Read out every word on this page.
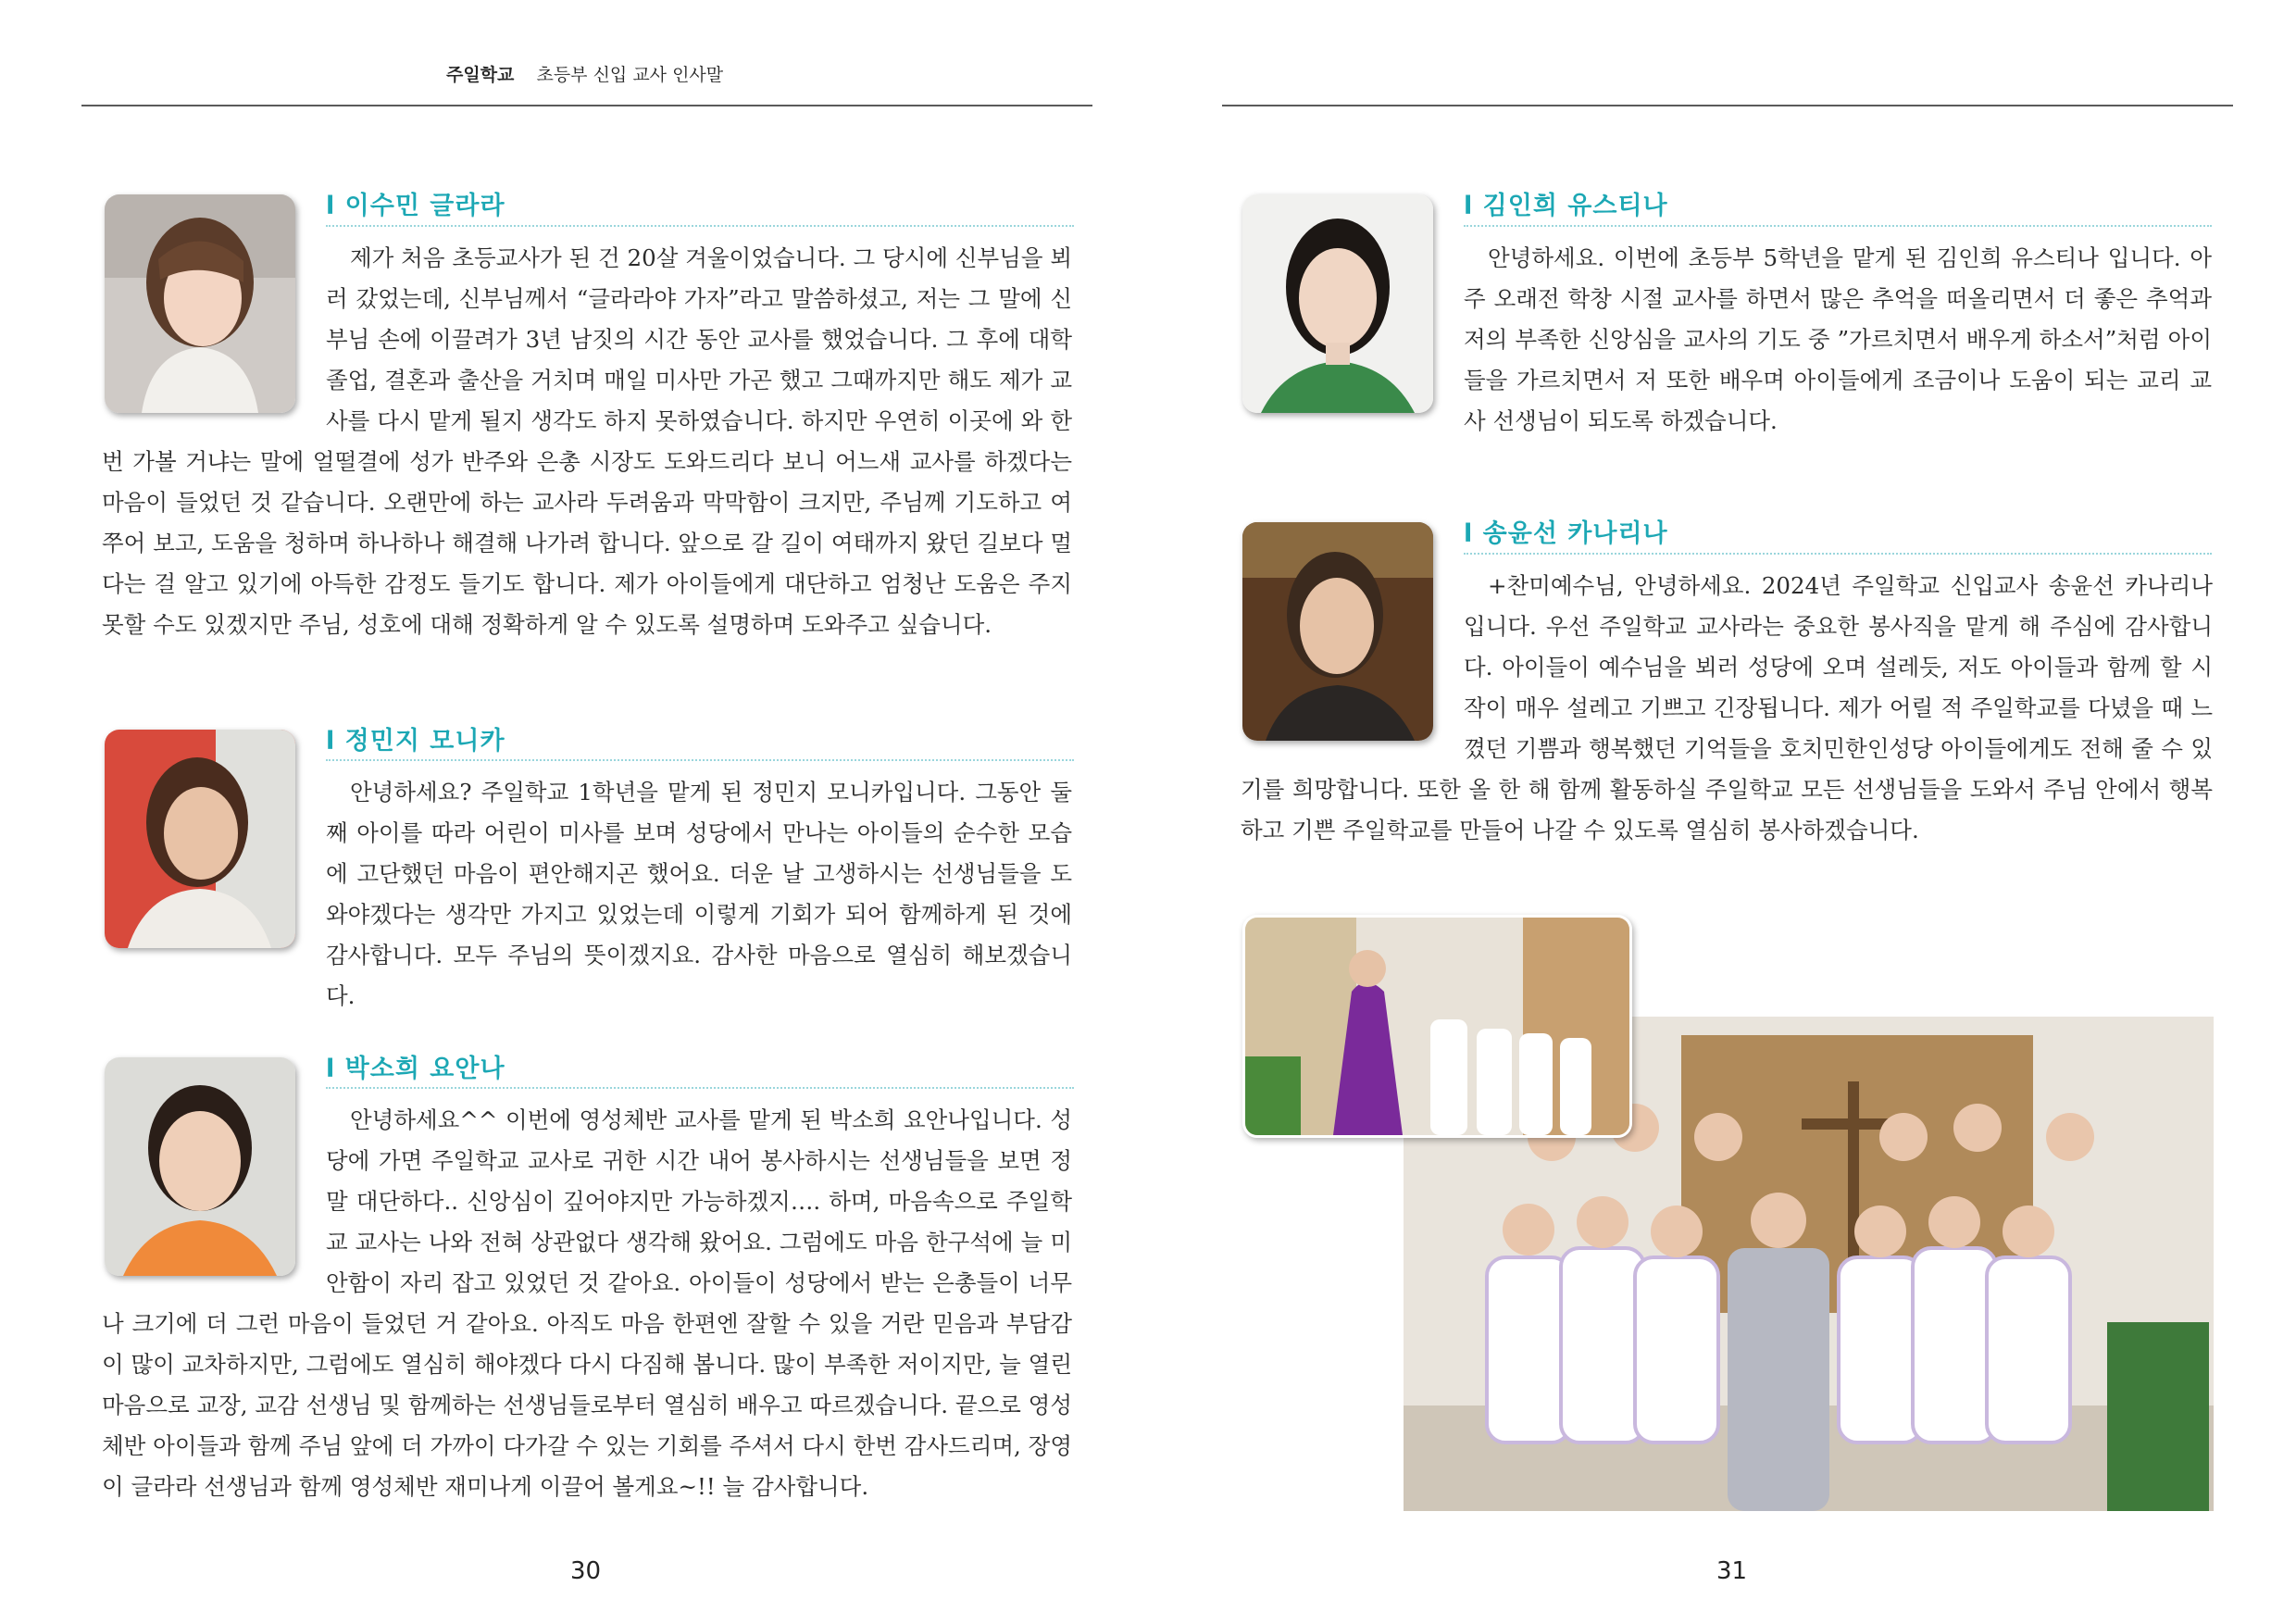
주일학교 초등부 신입 교사 인사말
l 이수민 글라라

제가 처음 초등교사가 된 건 20살 겨울이었습니다. 그 당시에 신부님을 뵈러 갔었는데, 신부님께서 “글라라야 가자”라고 말씀하셨고, 저는 그 말에 신부님 손에 이끌려가 3년 남짓의 시간 동안 교사를 했었습니다. 그 후에 대학 졸업, 결혼과 출산을 거치며 매일 미사만 가곤 했고 그때까지만 해도 제가 교사를 다시 맡게 될지 생각도 하지 못하였습니다. 하지만 우연히 이곳에 와 한 번 가볼 거냐는 말에 얼떨결에 성가 반주와 은총 시장도 도와드리다 보니 어느새 교사를 하겠다는 마음이 들었던 것 같습니다. 오랜만에 하는 교사라 두려움과 막막함이 크지만, 주님께 기도하고 여쭈어 보고, 도움을 청하며 하나하나 해결해 나가려 합니다. 앞으로 갈 길이 여태까지 왔던 길보다 멀다는 걸 알고 있기에 아득한 감정도 들기도 합니다. 제가 아이들에게 대단하고 엄청난 도움은 주지 못할 수도 있겠지만 주님, 성호에 대해 정확하게 알 수 있도록 설명하며 도와주고 싶습니다.

l 정민지 모니카

안녕하세요? 주일학교 1학년을 맡게 된 정민지 모니카입니다. 그동안 둘째 아이를 따라 어린이 미사를 보며 성당에서 만나는 아이들의 순수한 모습에 고단했던 마음이 편안해지곤 했어요. 더운 날 고생하시는 선생님들을 도와야겠다는 생각만 가지고 있었는데 이렇게 기회가 되어 함께하게 된 것에 감사합니다. 모두 주님의 뜻이겠지요. 감사한 마음으로 열심히 해보겠습니다.

l 박소희 요안나

안녕하세요^^ 이번에 영성체반 교사를 맡게 된 박소희 요안나입니다. 성당에 가면 주일학교 교사로 귀한 시간 내어 봉사하시는 선생님들을 보면 정말 대단하다.. 신앙심이 깊어야지만 가능하겠지…. 하며, 마음속으로 주일학교 교사는 나와 전혀 상관없다 생각해 왔어요. 그럼에도 마음 한구석에 늘 미안함이 자리 잡고 있었던 것 같아요. 아이들이 성당에서 받는 은총들이 너무나 크기에 더 그런 마음이 들었던 거 같아요. 아직도 마음 한편엔 잘할 수 있을 거란 믿음과 부담감이 많이 교차하지만, 그럼에도 열심히 해야겠다 다시 다짐해 봅니다. 많이 부족한 저이지만, 늘 열린 마음으로 교장, 교감 선생님 및 함께하는 선생님들로부터 열심히 배우고 따르겠습니다. 끝으로 영성체반 아이들과 함께 주님 앞에 더 가까이 다가갈 수 있는 기회를 주셔서 다시 한번 감사드리며, 장영이 글라라 선생님과 함께 영성체반 재미나게 이끌어 볼게요~!! 늘 감사합니다.

30
l 김인희 유스티나

안녕하세요. 이번에 초등부 5학년을 맡게 된 김인희 유스티나 입니다. 아주 오래전 학창 시절 교사를 하면서 많은 추억을 떠올리면서 더 좋은 추억과 저의 부족한 신앙심을 교사의 기도 중 ”가르치면서 배우게 하소서”처럼 아이들을 가르치면서 저 또한 배우며 아이들에게 조금이나 도움이 되는 교리 교사 선생님이 되도록 하겠습니다.

l 송윤선 카나리나

+찬미예수님, 안녕하세요. 2024년 주일학교 신입교사 송윤선 카나리나입니다. 우선 주일학교 교사라는 중요한 봉사직을 맡게 해 주심에 감사합니다. 아이들이 예수님을 뵈러 성당에 오며 설레듯, 저도 아이들과 함께 할 시작이 매우 설레고 기쁘고 긴장됩니다. 제가 어릴 적 주일학교를 다녔을 때 느꼈던 기쁨과 행복했던 기억들을 호치민한인성당 아이들에게도 전해 줄 수 있기를 희망합니다. 또한 올 한 해 함께 활동하실 주일학교 모든 선생님들을 도와서 주님 안에서 행복하고 기쁜 주일학교를 만들어 나갈 수 있도록 열심히 봉사하겠습니다.

31
